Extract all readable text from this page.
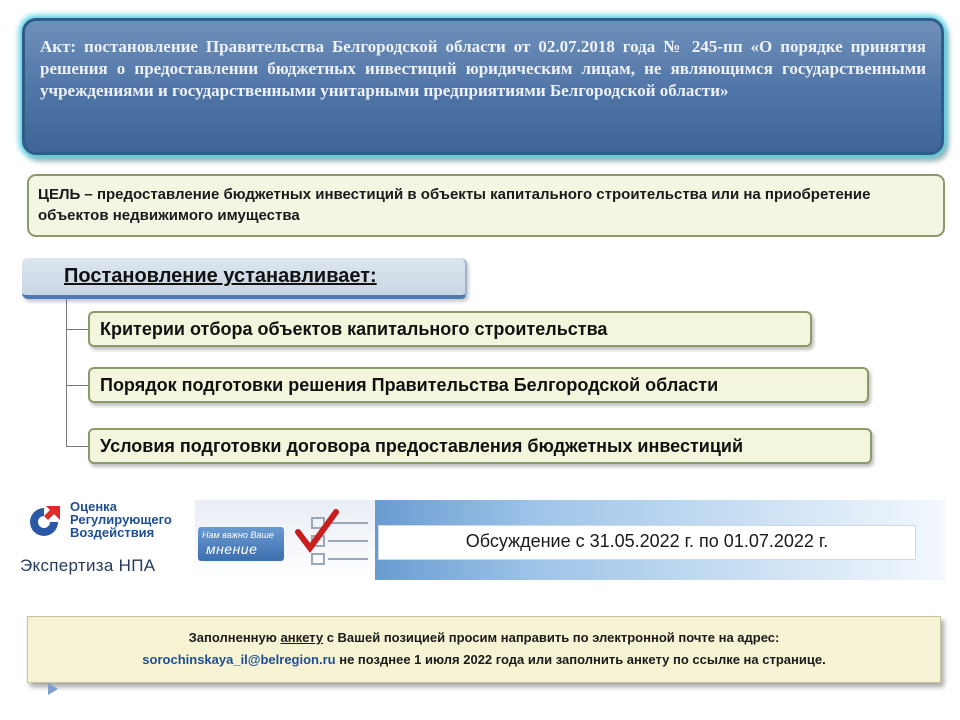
Акт: постановление Правительства Белгородской области от 02.07.2018 года № 245-пп «О порядке принятия решения о предоставлении бюджетных инвестиций юридическим лицам, не являющимся государственными учреждениями и государственными унитарными предприятиями Белгородской области»
ЦЕЛЬ – предоставление бюджетных инвестиций в объекты капитального строительства или на приобретение объектов недвижимого имущества
Постановление устанавливает:
Критерии отбора объектов капитального строительства
Порядок подготовки решения Правительства Белгородской области
Условия подготовки договора предоставления бюджетных инвестиций
Оценка
Регулирующего
Воздействия
Экспертиза НПА
Нам важно Ваше
мнение	Обсуждение с 31.05.2022 г. по 01.07.2022 г.
Заполненную анкету с Вашей позицией просим направить по электронной почте на адрес:
sorochinskaya_il@belregion.ru не позднее 1 июля 2022 года или заполнить анкету по ссылке на странице.
